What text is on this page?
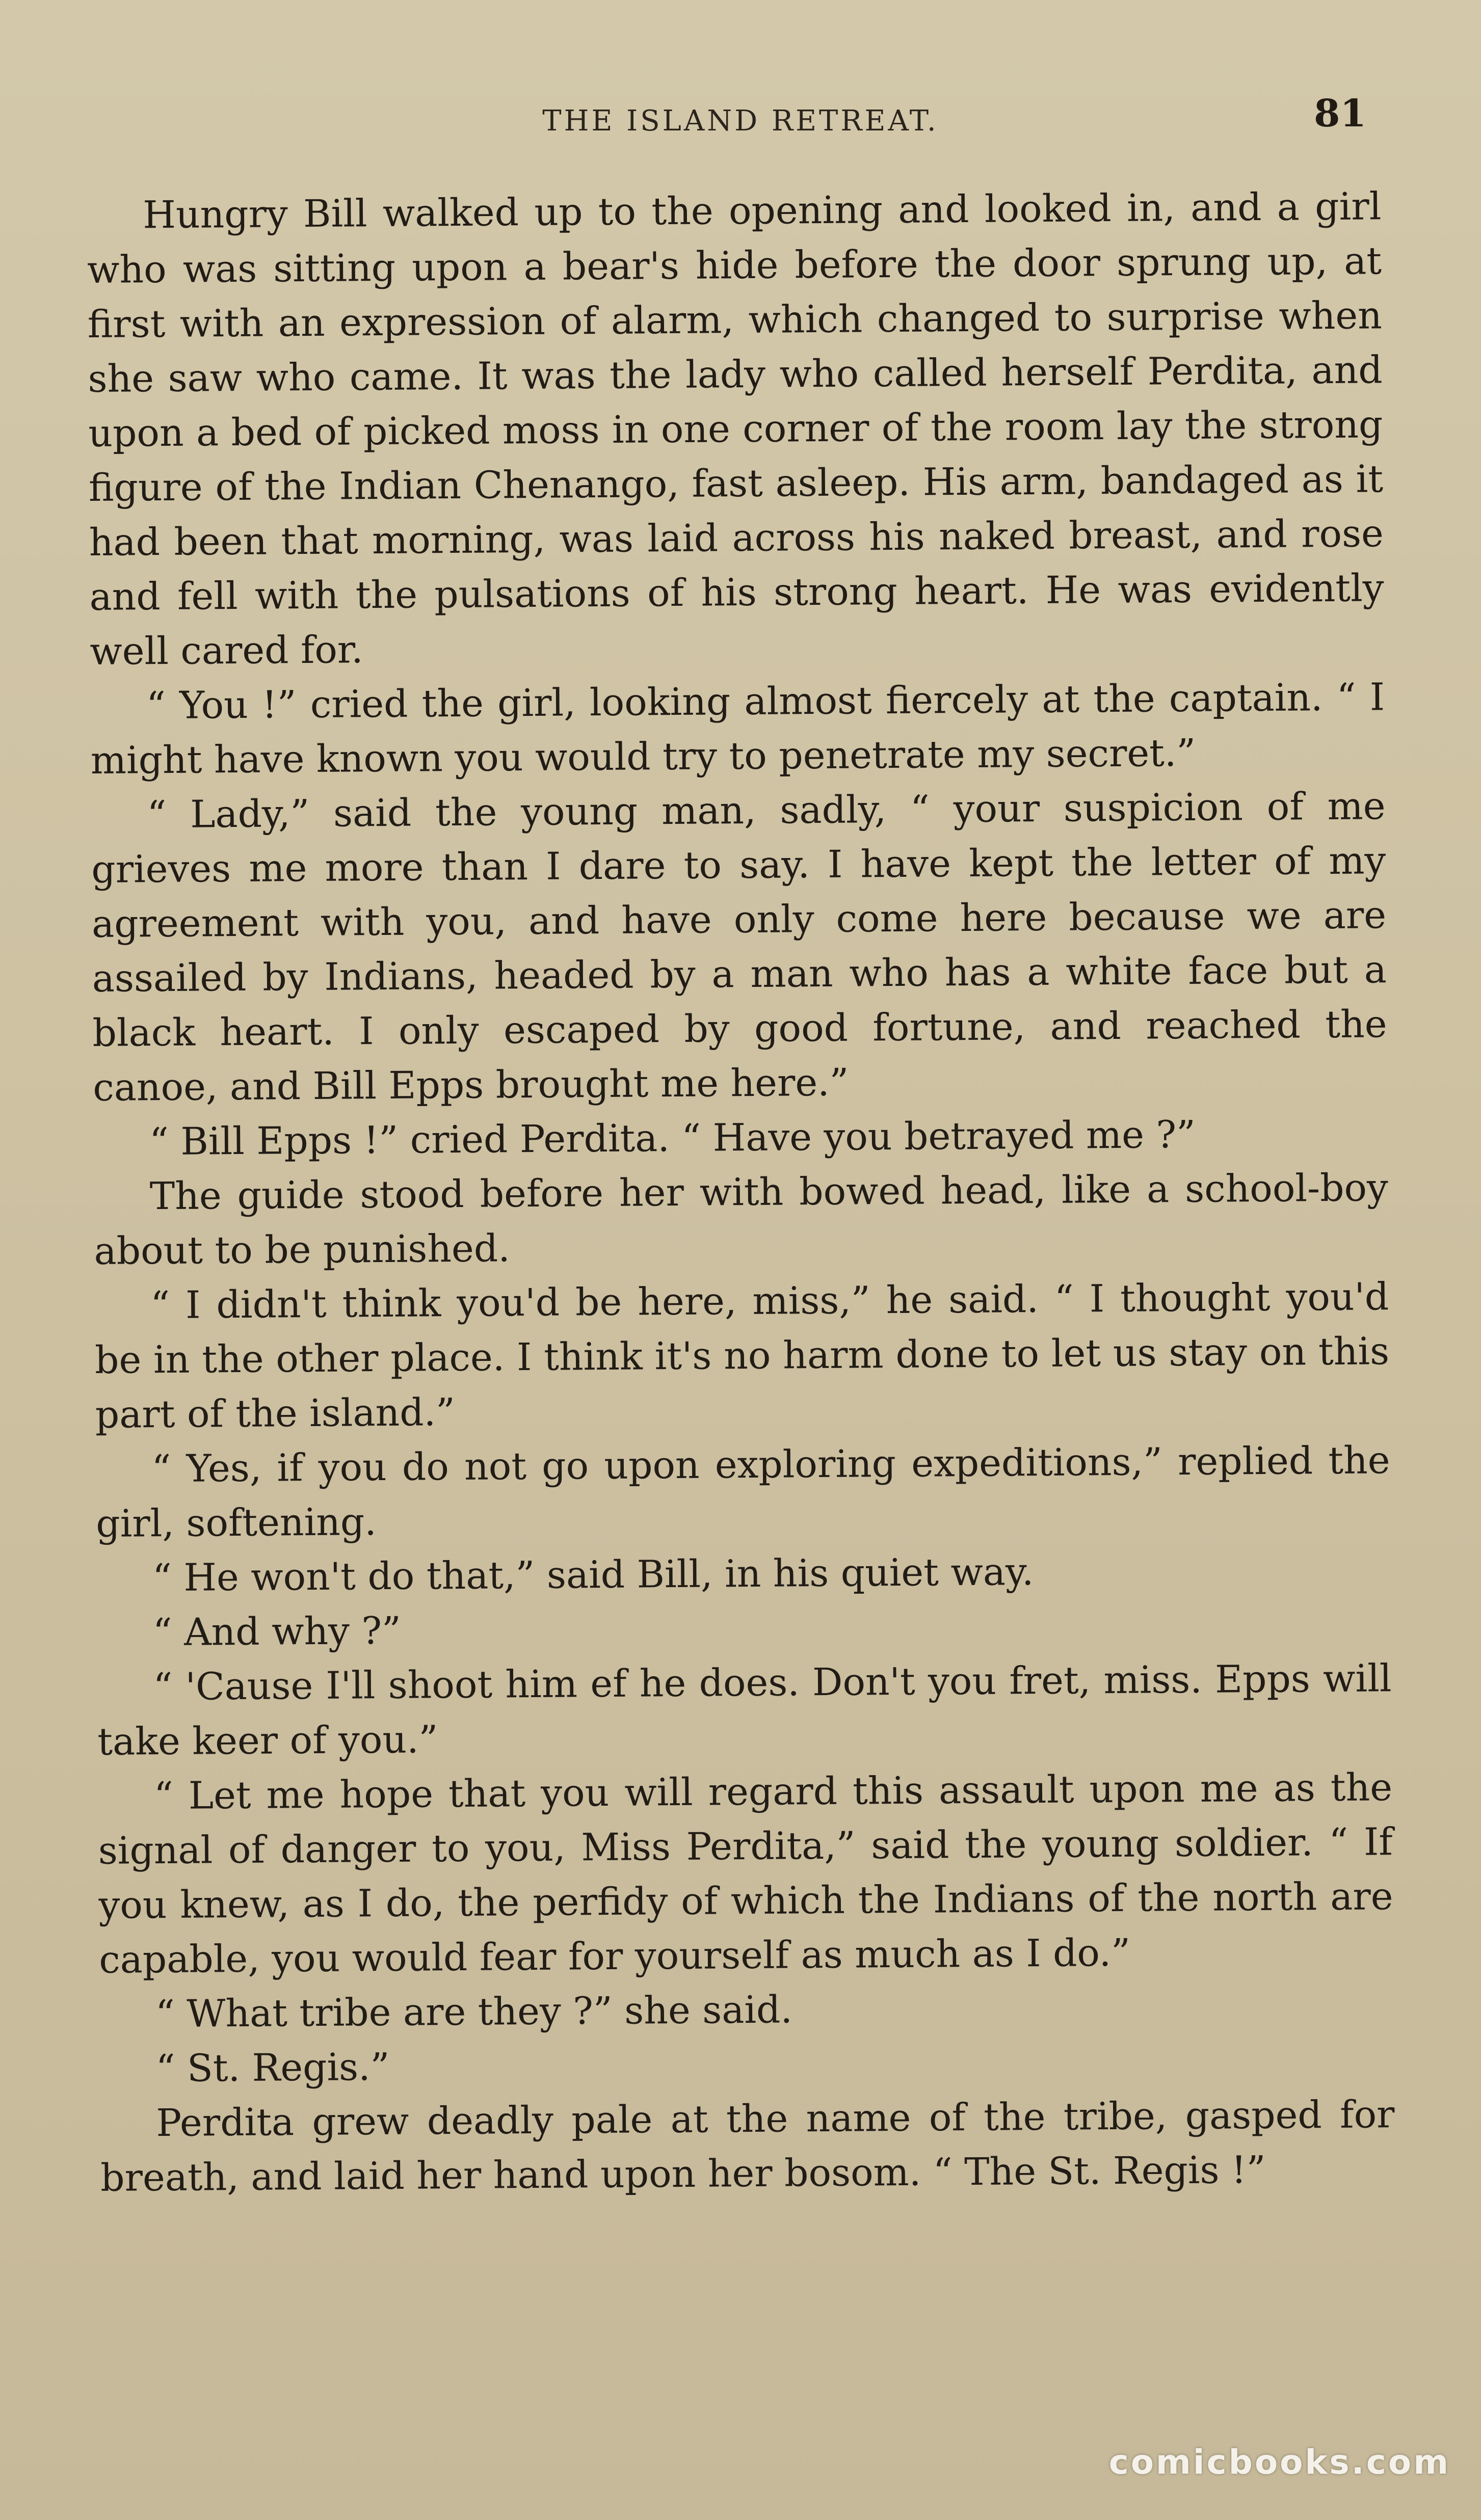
THE ISLAND RETREAT.	81

Hungry Bill walked up to the opening and looked in, and a girl who was sitting upon a bear's hide before the door sprung up, at first with an expression of alarm, which changed to surprise when she saw who came. It was the lady who called herself Perdita, and upon a bed of picked moss in one corner of the room lay the strong figure of the Indian Chenango, fast asleep. His arm, bandaged as it had been that morning, was laid across his naked breast, and rose and fell with the pulsations of his strong heart. He was evidently well cared for.

“ You !” cried the girl, looking almost fiercely at the captain. “ I might have known you would try to penetrate my secret.”

“ Lady,” said the young man, sadly, “ your suspicion of me grieves me more than I dare to say. I have kept the letter of my agreement with you, and have only come here because we are assailed by Indians, headed by a man who has a white face but a black heart. I only escaped by good fortune, and reached the canoe, and Bill Epps brought me here.”

“ Bill Epps !” cried Perdita. “ Have you betrayed me ?”

The guide stood before her with bowed head, like a school-boy about to be punished.

“ I didn't think you'd be here, miss,” he said. “ I thought you'd be in the other place. I think it's no harm done to let us stay on this part of the island.”

“ Yes, if you do not go upon exploring expeditions,” replied the girl, softening.

“ He won't do that,” said Bill, in his quiet way.

“ And why ?”

“ 'Cause I'll shoot him ef he does. Don't you fret, miss. Epps will take keer of you.”

“ Let me hope that you will regard this assault upon me as the signal of danger to you, Miss Perdita,” said the young soldier. “ If you knew, as I do, the perfidy of which the Indians of the north are capable, you would fear for yourself as much as I do.”

“ What tribe are they ?” she said.

“ St. Regis.”

Perdita grew deadly pale at the name of the tribe, gasped for breath, and laid her hand upon her bosom. “ The St. Regis !”

comicbooks.com
